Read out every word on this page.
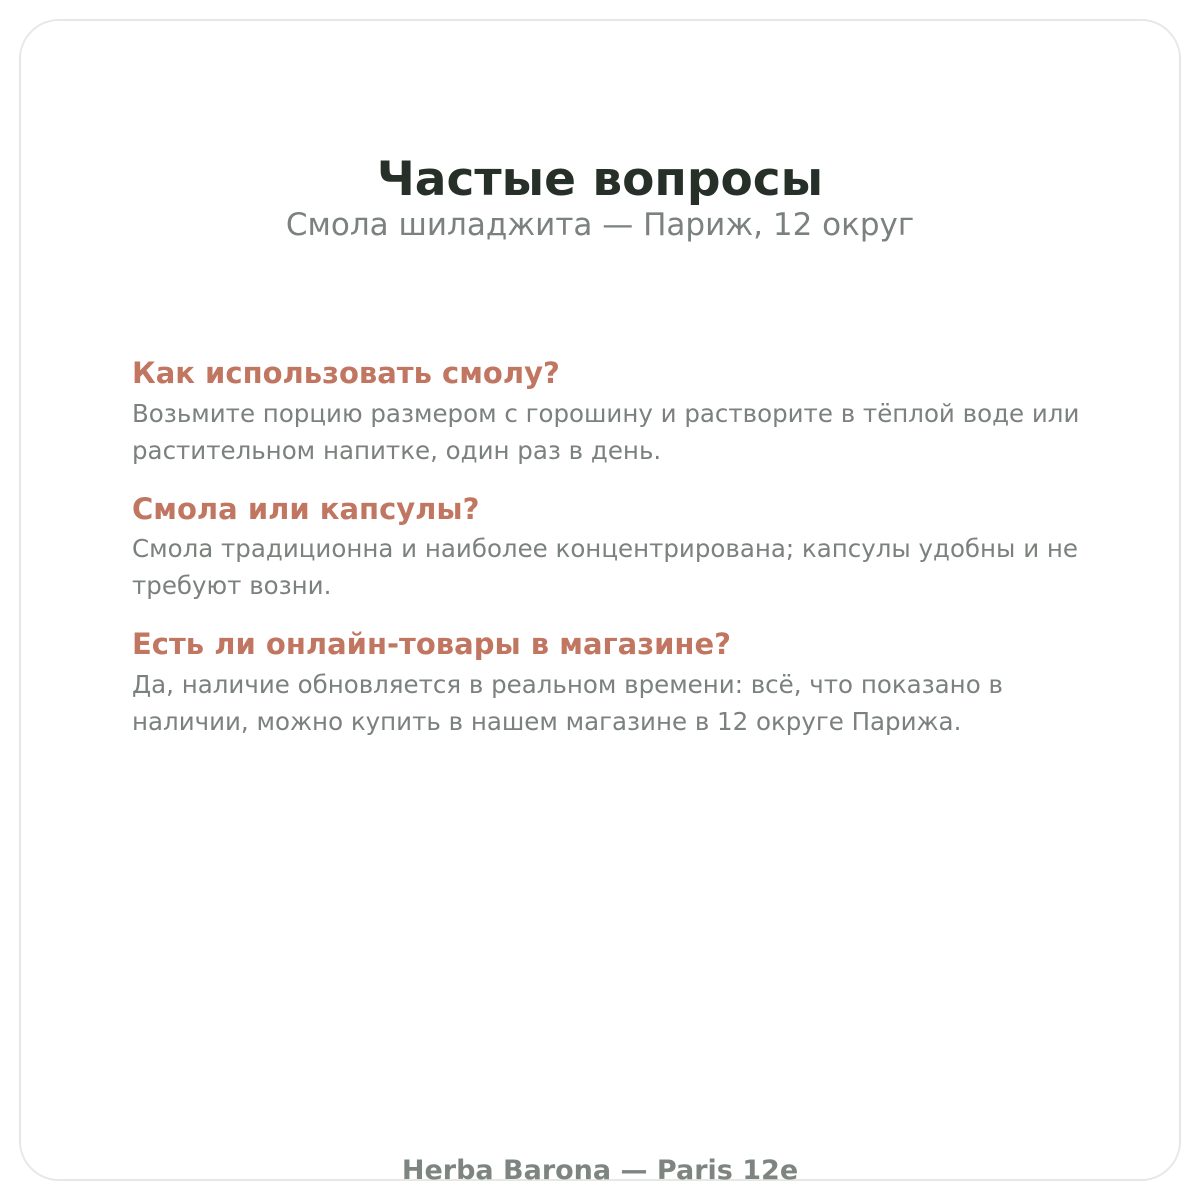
Частые вопросы
Смола шиладжита — Париж, 12 округ
Как использовать смолу?

Возьмите порцию размером с горошину и растворите в тёплой воде или растительном напитке, один раз в день.

Смола или капсулы?

Смола традиционна и наиболее концентрирована; капсулы удобны и не требуют возни.

Есть ли онлайн-товары в магазине?

Да, наличие обновляется в реальном времени: всё, что показано в наличии, можно купить в нашем магазине в 12 округе Парижа.

Herba Barona — Paris 12e
